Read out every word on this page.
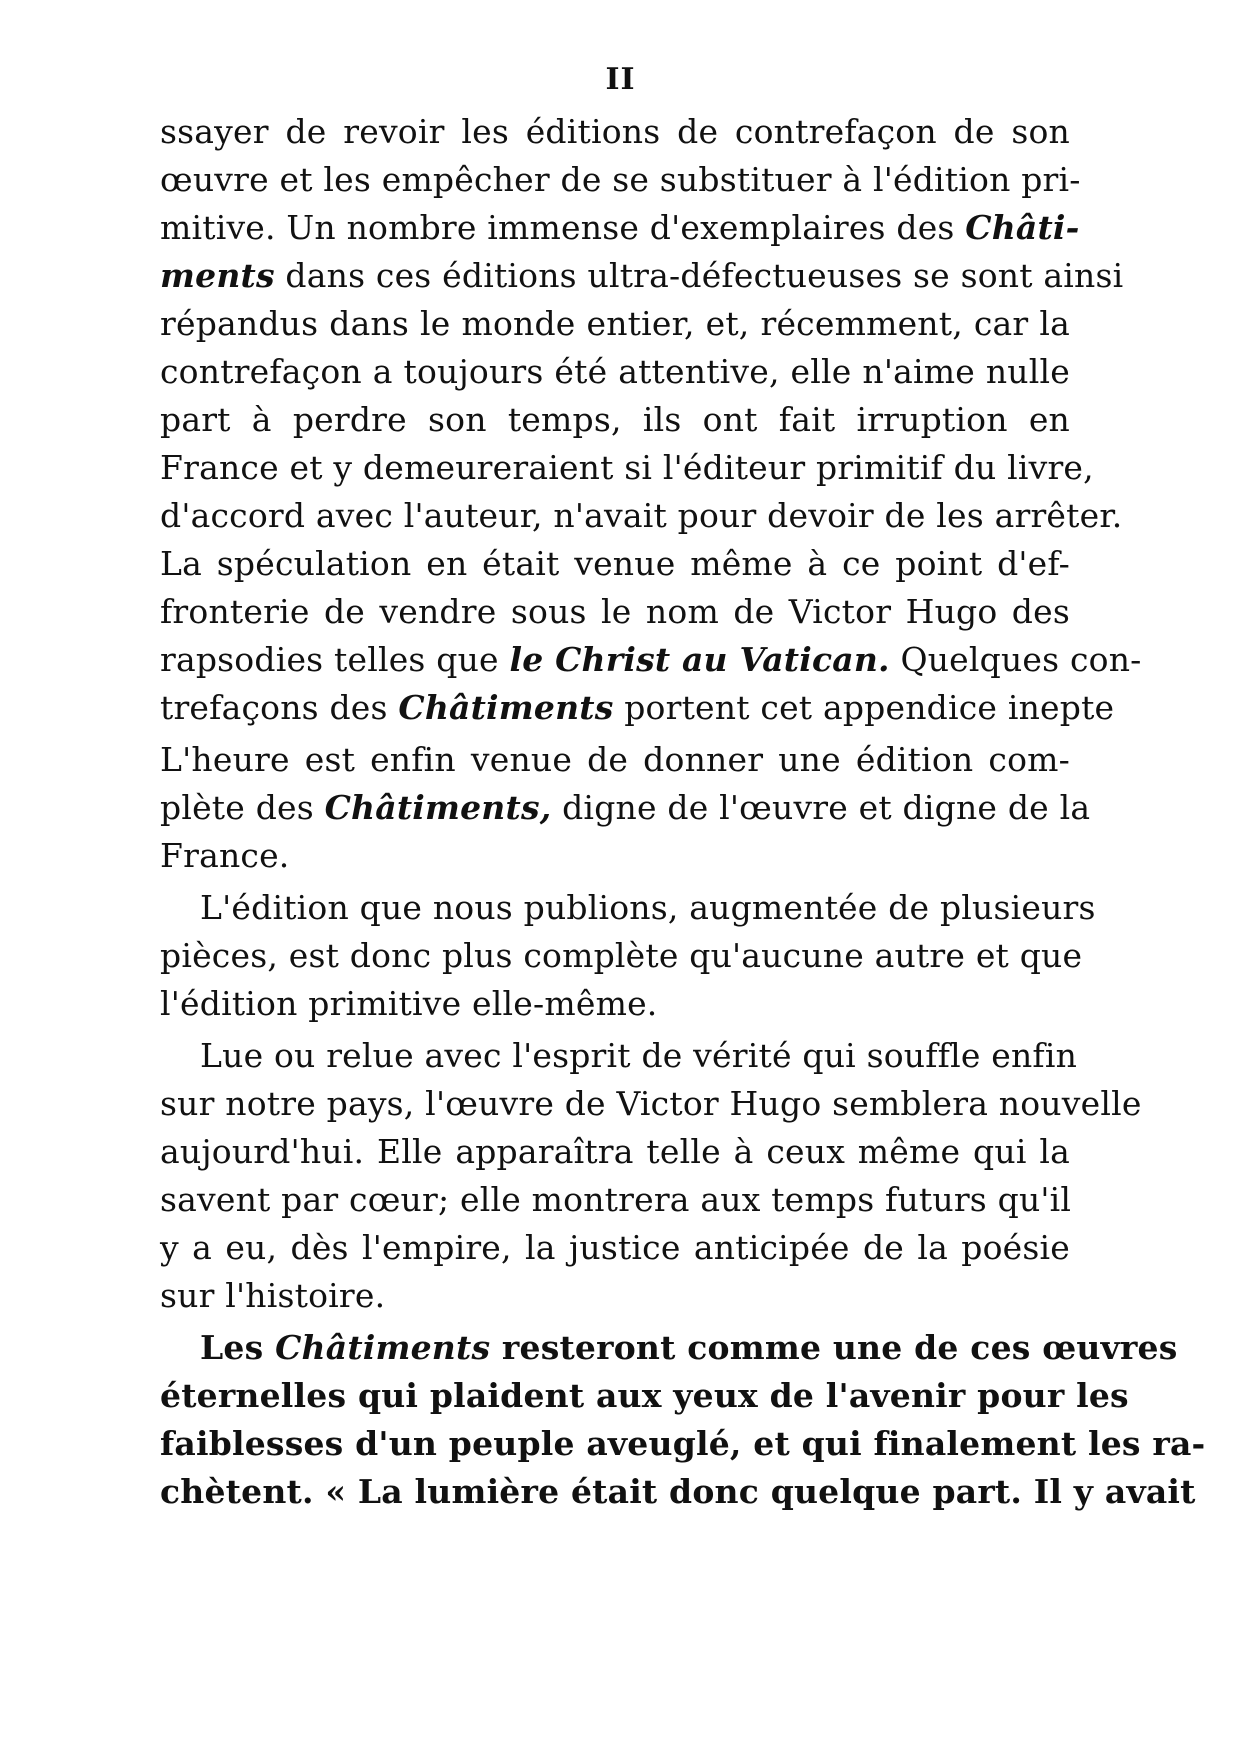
II
ssayer de revoir les éditions de contrefaçon de son
œuvre et les empêcher de se substituer à l'édition pri-
mitive. Un nombre immense d'exemplaires des Châti-
ments dans ces éditions ultra-défectueuses se sont ainsi
répandus dans le monde entier, et, récemment, car la
contrefaçon a toujours été attentive, elle n'aime nulle
part à perdre son temps, ils ont fait irruption en
France et y demeureraient si l'éditeur primitif du livre,
d'accord avec l'auteur, n'avait pour devoir de les arrêter.
La spéculation en était venue même à ce point d'ef-
fronterie de vendre sous le nom de Victor Hugo des
rapsodies telles que le Christ au Vatican. Quelques con-
trefaçons des Châtiments portent cet appendice inepte
L'heure est enfin venue de donner une édition com-
plète des Châtiments, digne de l'œuvre et digne de la
France.
L'édition que nous publions, augmentée de plusieurs
pièces, est donc plus complète qu'aucune autre et que
l'édition primitive elle-même.
Lue ou relue avec l'esprit de vérité qui souffle enfin
sur notre pays, l'œuvre de Victor Hugo semblera nouvelle
aujourd'hui. Elle apparaîtra telle à ceux même qui la
savent par cœur; elle montrera aux temps futurs qu'il
y a eu, dès l'empire, la justice anticipée de la poésie
sur l'histoire.
Les Châtiments resteront comme une de ces œuvres
éternelles qui plaident aux yeux de l'avenir pour les
faiblesses d'un peuple aveuglé, et qui finalement les ra-
chètent. « La lumière était donc quelque part. Il y avait
